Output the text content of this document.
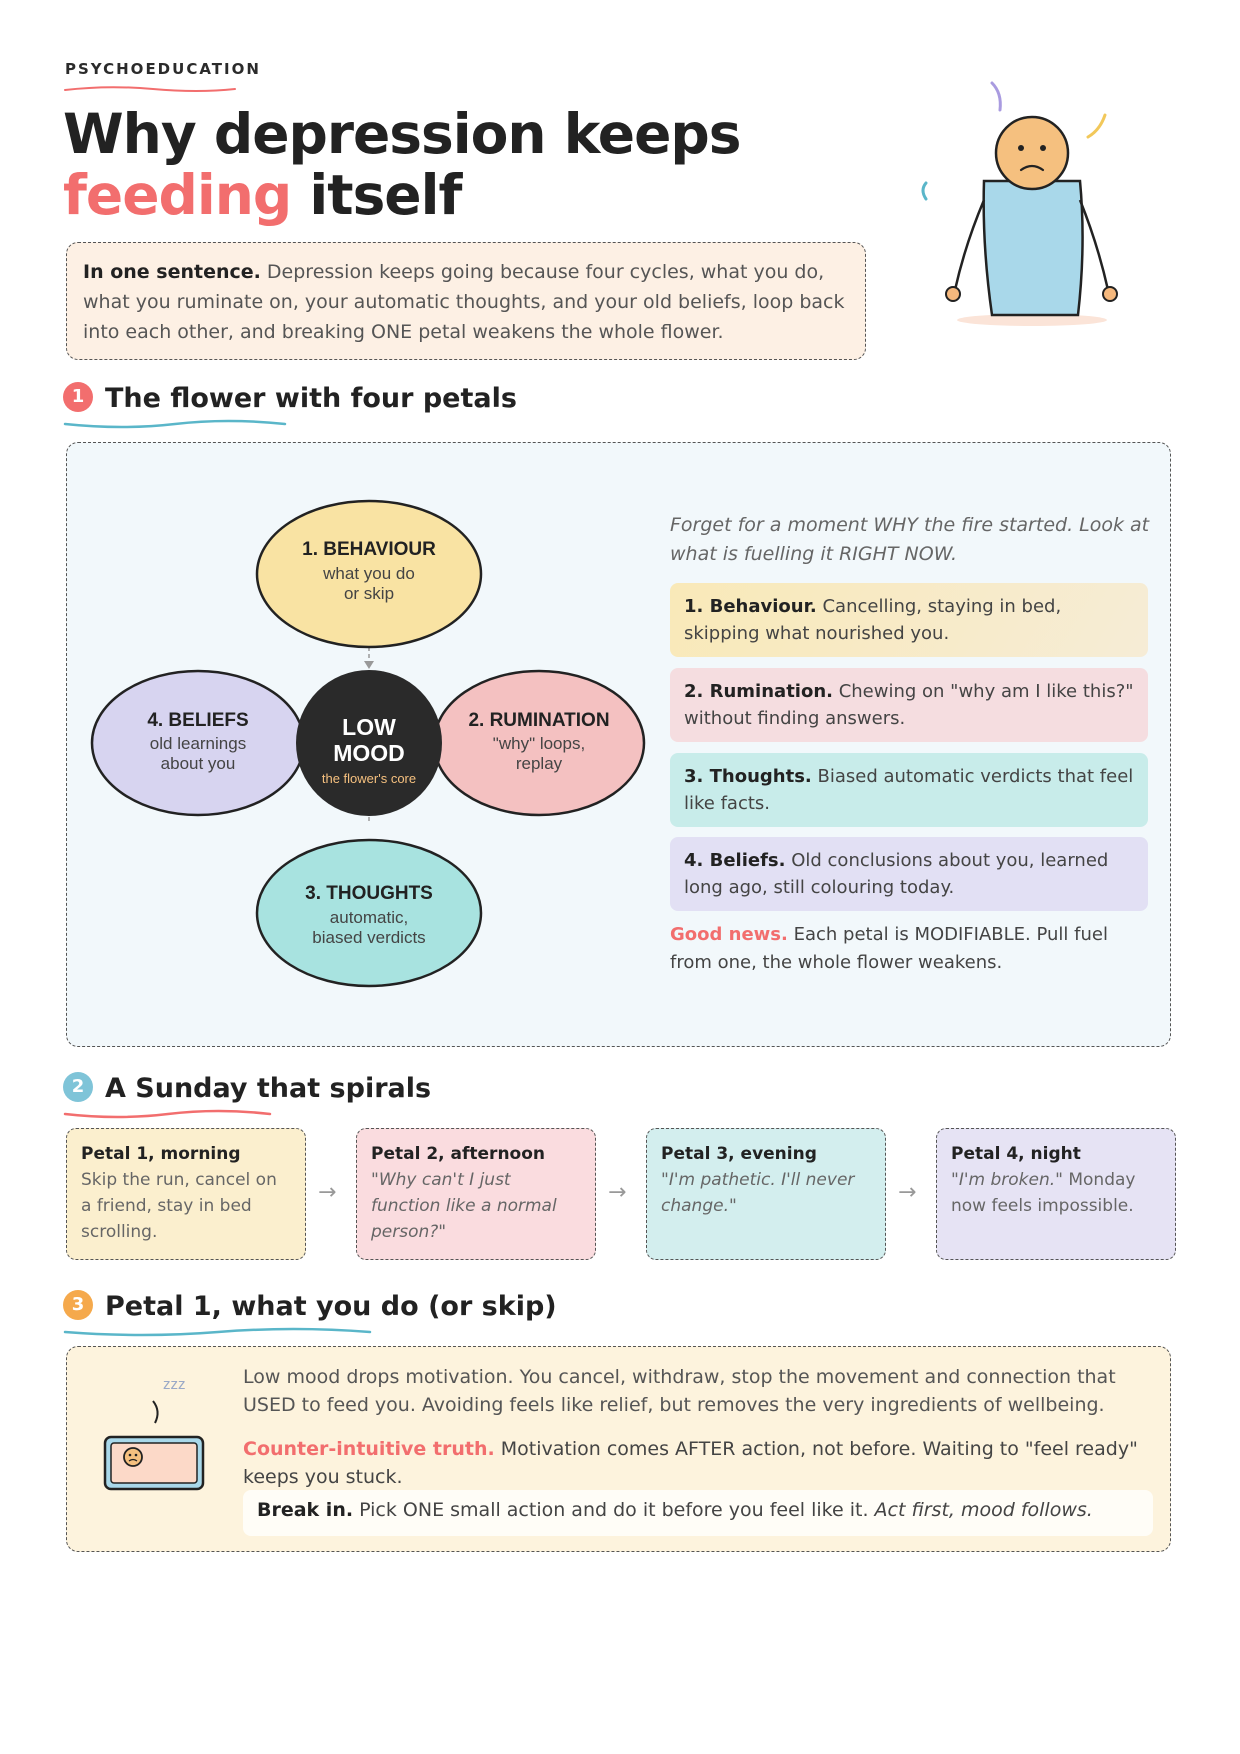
PSYCHOEDUCATION
Why depression keeps
feeding itself
In one sentence. Depression keeps going because four cycles, what you do, what you ruminate on, your automatic thoughts, and your old beliefs, loop back into each other, and breaking ONE petal weakens the whole flower.
1 The flower with four petals
1. BEHAVIOUR
what you do
or skip
2. RUMINATION
"why" loops,
replay
3. THOUGHTS
automatic,
biased verdicts
4. BELIEFS
old learnings
about you
LOW
MOOD
the flower's core
Forget for a moment WHY the fire started. Look at what is fuelling it RIGHT NOW.
1. Behaviour. Cancelling, staying in bed, skipping what nourished you.
2. Rumination. Chewing on "why am I like this?" without finding answers.
3. Thoughts. Biased automatic verdicts that feel like facts.
4. Beliefs. Old conclusions about you, learned long ago, still colouring today.
Good news. Each petal is MODIFIABLE. Pull fuel from one, the whole flower weakens.
2 A Sunday that spirals
Petal 1, morning
Skip the run, cancel on a friend, stay in bed scrolling.
→
Petal 2, afternoon
"Why can't I just function like a normal person?"
→
Petal 3, evening
"I'm pathetic. I'll never change."
→
Petal 4, night
"I'm broken." Monday now feels impossible.
3 Petal 1, what you do (or skip)
zzz	Low mood drops motivation. You cancel, withdraw, stop the movement and connection that USED to feed you. Avoiding feels like relief, but removes the very ingredients of wellbeing.
Counter-intuitive truth. Motivation comes AFTER action, not before. Waiting to "feel ready" keeps you stuck.
Break in. Pick ONE small action and do it before you feel like it. Act first, mood follows.
